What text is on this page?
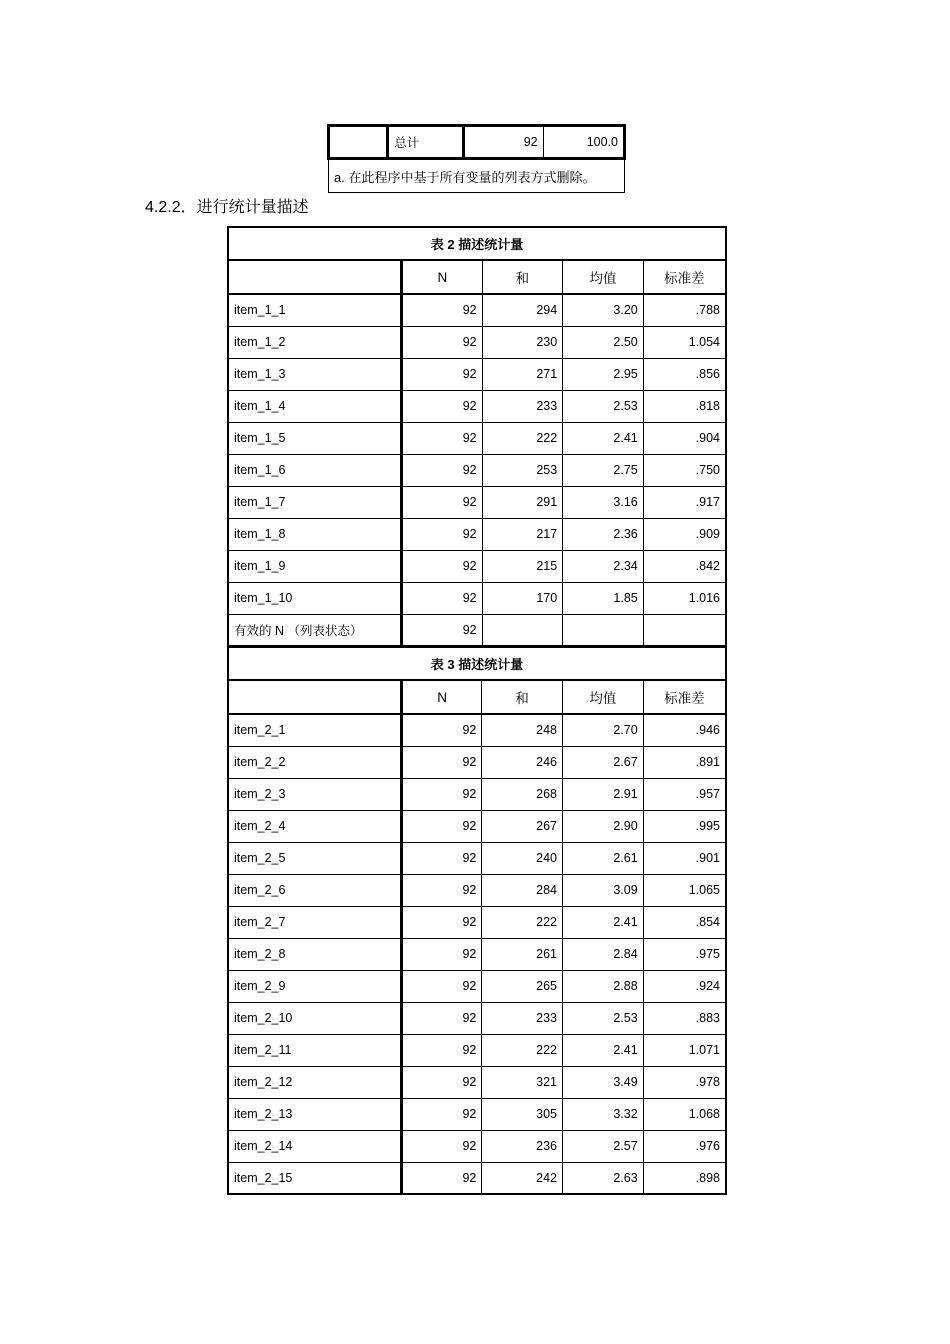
	总计	92	100.0
a. 在此程序中基于所有变量的列表方式删除。
4.2.2．进行统计量描述
表 2 描述统计量				
	N	和	均值	标准差
item_1_1	92	294	3.20	.788
item_1_2	92	230	2.50	1.054
item_1_3	92	271	2.95	.856
item_1_4	92	233	2.53	.818
item_1_5	92	222	2.41	.904
item_1_6	92	253	2.75	.750
item_1_7	92	291	3.16	.917
item_1_8	92	217	2.36	.909
item_1_9	92	215	2.34	.842
item_1_10	92	170	1.85	1.016
有效的 N （列表状态）	92			
表 3 描述统计量				
	N	和	均值	标准差
item_2_1	92	248	2.70	.946
item_2_2	92	246	2.67	.891
item_2_3	92	268	2.91	.957
item_2_4	92	267	2.90	.995
item_2_5	92	240	2.61	.901
item_2_6	92	284	3.09	1.065
item_2_7	92	222	2.41	.854
item_2_8	92	261	2.84	.975
item_2_9	92	265	2.88	.924
item_2_10	92	233	2.53	.883
item_2_11	92	222	2.41	1.071
item_2_12	92	321	3.49	.978
item_2_13	92	305	3.32	1.068
item_2_14	92	236	2.57	.976
item_2_15	92	242	2.63	.898
